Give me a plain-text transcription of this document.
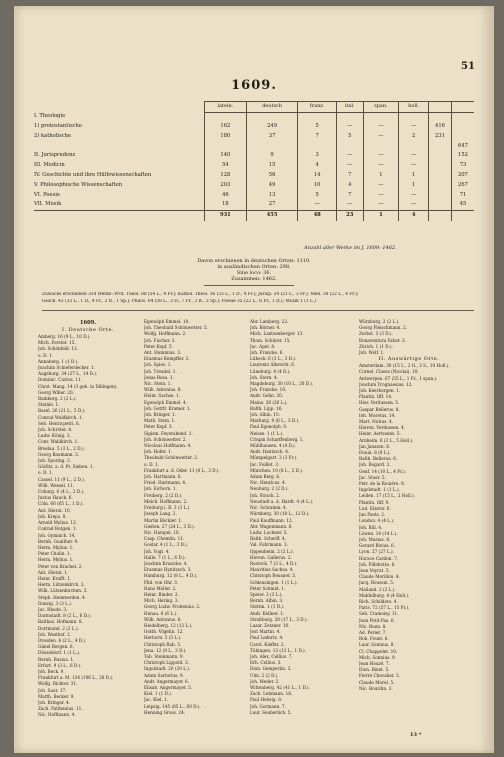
51
1609.
	latein.	deutsch	franz.	ital.	span.	holl.		
I. Theologie								
1) protestantische	162	249	5	—	—	—	416	
2) katholische	180	37	7	5	—	2	231	
								647
II. Jurisprudenz	140	9	3	—	—	—		152
III. Medicin	54	15	4	—	—	—		73
IV. Geschichte und ihre Hülfswissenschaften	128	56	14	7	1	1		207
V. Philosophische Wissenschaften	203	49	10	4	—	1		267
VI. Poesie	46	13	5	7	—	—		71
VII. Musik	18	27	—	—	—	—		45
	931	455	48	23	1	4		
Anzahl aller Werke im J. 1609: 1462.
Davon erschienen in deutschen Orten: 1110.
in ausländischen Orten: 298.
Sine loco: 36.
Zusammen: 1462.
Zuwachs erschienen 314 Werke: Prot. Theol. 88 (54 L., 4 Fr.); Kathol. Theol. 36 (33 L., 1 D., 4 Fr.); Jurisp. 24 (21 L., 3 Fr.); Med. 30 (22 L., 4 Fr.);
Gesch. 43 (33 L., 1 D., 4 Fr., 2 It., 1 Sp.); Philos. 64 (58 L., 3 D., 7 Fr., 3 It., 2 Sp.); Poesie 35 (22 L., 6 Fr., 1 It.); Musik 1 (1 L.)
1609.
I. Deutsche Orte.
Amberg. 16 (9 L., 10 D.).
Mich. Forster. 15.
Joh. Schönfeld. 13.
o. D. 1.
Annaberg. 1 (1 D.).
Joachim Schieferdecker. 1.
Augsburg. 34 (27 L., 14 D.).
Dominic. Custos. 11.
Chrst. Mang. 14 (3 geb. in Dillingen).
Georg Willer. 20.
Bamberg. 2 (2 L.).
Steinle. 1.
Basel. 26 (21 L., 5 D.).
Conrad Waldkirch. 1.
Seb. Henricpetri. 6.
Joh. Schröter. 4.
Ludw. König. 3.
Conr. Waldkirch. 1.
Breslau. 5 (3 L., 2 D.).
Georg Baumann. 3.
Joh. Sporing. 3.
Görlitz. a. d. Pr. Sieben. 1.
o. D. 1.
Cassel. 11 (9 L., 2 D.).
Wilh. Wessel. 11.
Coburg. 6 (4 L., 2 D.).
Justus Hauck. 6.
Cöln. 66 (65 L., 1 D.).
Ant. Hierat. 10.
Joh. Kreps. 8.
Arnold Mylius. 12.
Conrad Butgen. 1.
Joh. Gymnich. 14.
Bernh. Gualther. 9.
Herm. Mylius. 1.
Peter Cholin. 1.
Herm. Mylius. 1.
Peter von Brachel. 2.
Ant. Hierat. 1.
Heinr. Krafft. 1.
Herm. Lützenkirch. 2.
Wilh. Lützenkirchen. 3.
Steph. Hemmerden. 4.
Danzig. 3 (3 L.).
Jac. Rhode. 3.
Darmstadt. 8 (2 L., 6 D.).
Balthas. Hofmann. 8.
Dortmund. 2 (2 L.).
Joh. Westhof. 2.
Dresden. 6 (2 L., 4 D.).
Gimel Bergen. 6.
Düsseldorf. 1 (1 L.).
Bernh. Busius. 1.
Erfurt. 9 (3 L., 6 D.).
Joh. Beck. 9.
Frankfurt a. M. 134 (106 L., 28 D.).
Wolfg. Richter. 31.
Joh. Saur. 17.
Matth. Becker. 9.
Joh. Bringer. 4.
Zach. Palthenius. 11.
Nic. Hoffmann. 4.
Egenolph Emmel. 10.
Joh. Theobald Schönwetter. 5.
Wolfg. Hoffmann. 2.
Joh. Fischer. 3.
Peter Kopf. 5.
Ant. Hummius. 3.
Erasmus Kempffer. 2.
Joh. Spies. 1.
Joh. Treudel. 1.
Jonas Rosa. 1.
Nic. Stein. 1.
Wilh. Antonius. 8.
Heinr. Sachse. 1.
Egenolph Emmel. 4.
Joh. Gottfr. Kramer. 1.
Joh. Bringer. 1.
Math. Stein. 1.
Peter Kopf. 3.
Sigism. Feyerabend. 1.
Joh. Schönwetter. 2.
Nicolaus Hoffmann. 4.
Joh. Hofer. 1.
Theobald Schönwetter. 2.
o. D. 1.
Frankfurt a. d. Oder. 11 (8 L., 3 D.).
Joh. Hartmann. 6.
Fried. Hartmann. 4.
Joh. Eichorn. 1.
Freiberg. 2 (2 D.).
Melch. Hoffmann. 2.
Freiburg i. B. 3 (3 L.).
Joseph Lang. 2.
Martin Böckler. 1.
Gießen. 27 (24 L., 3 D.).
Nic. Hampel. 16.
Casp. Chemlin. 11.
Goslar. 4 (1 L., 3 D.).
Joh. Vogt. 4.
Halle. 7 (1 L., 6 D.).
Joachim Krusicke. 4.
Erasmus Hynitzsch. 3.
Hamburg. 12 (8 L., 4 D.).
Phil. von Ohr. 3.
Hans Moller. 2.
Heinr. Binder. 2.
Mich. Hering. 3.
Georg Ludw. Frobenius. 2.
Hanau. 6 (6 L.).
Wilh. Antonius. 6.
Heidelberg. 12 (12 L.).
Gotth. Vögelin. 12.
Herborn. 5 (5 L.).
Christoph Rab. 5.
Jena. 12 (9 L., 3 D.).
Tob. Steinmann. 9.
Christoph Lippold. 3.
Ingolstadt. 20 (20 L.).
Adam Sartorius. 9.
Andr. Angermayer. 6.
Elisab. Angermayer. 5.
Kiel. 1 (1 D.).
Jac. Kiel. 1.
Leipzig. 145 (85 L., 60 D.).
Henning Gross. 24.
Abr. Lamberg. 22.
Joh. Börner. 4.
Mich. Lantzenberger. 13.
Thom. Schürer. 15.
Jac. Apel. 8.
Joh. Francke. 6.
Lübeck. 6 (3 L., 3 D.).
Laurentz Albrecht. 6.
Lüneburg. 4 (4 D.).
Joh. Stern. 4.
Magdeburg. 30 (10 L., 20 D.).
Joh. Francke. 10.
Andr. Gehn. 20.
Mainz. 26 (26 L.).
Balth. Lipp. 16.
Joh. Albin. 10.
Marburg. 9 (6 L., 3 D.).
Paul Egenolph. 9.
Neisse. 1 (1 L.).
Crispin Scharffenberg. 1.
Mühlhausen. 4 (4 D.).
Andr. Hantzsch. 4.
Mümpelgart. 3 (3 Fr.).
Jac. Foillet. 3.
München. 10 (8 L., 2 D.).
Adam Berg. 6.
Nic. Henricus. 4.
Neuburg. 2 (2 D.).
Joh. Strack. 2.
Neustadt a. d. Hardt. 4 (4 L.).
Nic. Schramm. 4.
Nürnberg. 30 (18 L., 12 D.).
Paul Kauffmann. 12.
Abr. Wagenmann. 6.
Ludw. Lochner. 5.
Balth. Scherff. 4.
Val. Fuhrmann. 3.
Oppenheim. 2 (2 L.).
Hieron. Gallerus. 2.
Rostock. 7 (3 L., 4 D.).
Mauritius Sachse. 4.
Christoph Reusner. 3.
Schleusingen. 1 (1 L.).
Peter Schmid. 1.
Speier. 3 (3 L.).
Bernh. Albin. 3.
Stettin. 1 (1 D.).
Andr. Kellner. 1.
Straßburg. 20 (17 L., 3 D.).
Lazar. Zetzner. 10.
Jost Martin. 4.
Paul Ledertz. 4.
Carol. Kieffer. 2.
Tübingen. 13 (12 L., 1 D.).
Joh. Alex. Cellius. 7.
Erh. Cellius. 3.
Dion. Gemperlin. 3.
Ulm. 2 (2 D.).
Joh. Meder. 2.
Wittenberg. 42 (41 L., 1 D.).
Zach. Lehmann. 18.
Paul Helwig. 8.
Joh. Gormann. 7.
Laur. Seuberlich. 5.
Würzburg. 2 (2 L.).
Georg Fleischmann. 2.
Zerbst. 3 (3 D.).
Bonaventura Faber. 3.
Zürich. 1 (1 D.).
Joh. Wolf. 1.
II. Auswärtige Orte.
Amsterdam. 30 (15 L., 2 It., 3 S., 10 Holl.).
Cornel. Claesz (Nicolai). 10.
Antwerpen. 67 (55 L., 1 Fr., 1 span.).
Joachim Trognaesius. 12.
Joh. Keerbergen. 1.
Plantin. Off. 14.
Hier. Verdussen. 5.
Gaspar Bellerus. 8.
Ioh. Moretus. 14.
Mart. Nutius. 4.
Hieron. Verdussen. 4.
Heinr. Aertssens. 5.
Arnheim. 8 (3 L., 5 Holl.).
Jan Janszen. 8.
Douai. 8 (8 L.).
Balth. Bellerus. 6.
Joh. Bogard. 2.
Genf. 14 (10 L., 4 Fr.).
Jac. Stoer. 5.
Petr. de la Rouière. 9.
Ingolstadt. 1 (1 L.).
Leiden. 17 (15 L., 2 Holl.).
Plantin. Off. 9.
Lud. Elzevir. 6.
Jan Paets. 2.
London. 4 (4 L.).
Joh. Bill. 4.
Löwen. 14 (14 L.).
Joh. Masius. 8.
Gerard Rivius. 6.
Lyon. 27 (27 L.).
Horace Cardon. 7.
Joh. Pillehotte. 6.
Jean Veyrat. 5.
Claude Morillon. 4.
Jacq. Roussin. 5.
Mailand. 2 (2 L.).
Middelburg. 4 (4 Holl.).
Rich. Schilders. 4.
Paris. 72 (57 L., 15 Fr.).
Seb. Cramoisy. 11.
Jean Petit-Pas. 6.
Nic. Buon. 8.
Ad. Perier. 7.
Rob. Fouet. 6.
Laur. Sonnius. 8.
Cl. Chappelet. 10.
Mich. Sonnius. 9.
Jean Houzé. 7.
Dion. Binet. 5.
Pierre Chevalier. 3.
Claude Morel. 5.
Nic. Bourdin. 3.
13 *
